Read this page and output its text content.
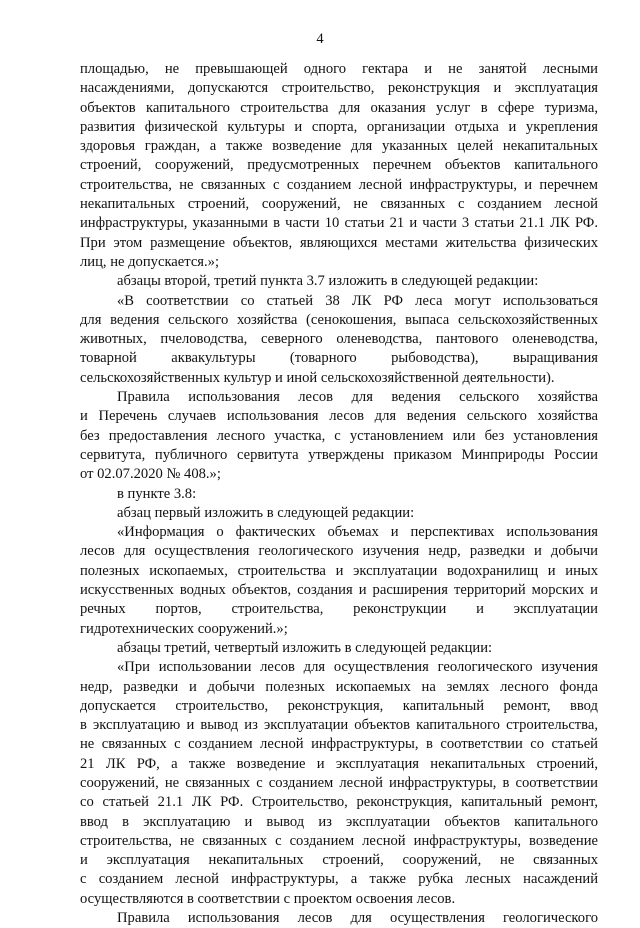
4
площадью, не превышающей одного гектара и не занятой лесными
насаждениями, допускаются строительство, реконструкция и эксплуатация
объектов капитального строительства для оказания услуг в сфере туризма,
развития физической культуры и спорта, организации отдыха и укрепления
здоровья граждан, а также возведение для указанных целей некапитальных
строений, сооружений, предусмотренных перечнем объектов капитального
строительства, не связанных с созданием лесной инфраструктуры, и перечнем
некапитальных строений, сооружений, не связанных с созданием лесной
инфраструктуры, указанными в части 10 статьи 21 и части 3 статьи 21.1 ЛК РФ.
При этом размещение объектов, являющихся местами жительства физических
лиц, не допускается.»;
абзацы второй, третий пункта 3.7 изложить в следующей редакции:
«В соответствии со статьей 38 ЛК РФ леса могут использоваться
для ведения сельского хозяйства (сенокошения, выпаса сельскохозяйственных
животных, пчеловодства, северного оленеводства, пантового оленеводства,
товарной аквакультуры (товарного рыбоводства), выращивания
сельскохозяйственных культур и иной сельскохозяйственной деятельности).
Правила использования лесов для ведения сельского хозяйства
и Перечень случаев использования лесов для ведения сельского хозяйства
без предоставления лесного участка, с установлением или без установления
сервитута, публичного сервитута утверждены приказом Минприроды России
от 02.07.2020 № 408.»;
в пункте 3.8:
абзац первый изложить в следующей редакции:
«Информация о фактических объемах и перспективах использования
лесов для осуществления геологического изучения недр, разведки и добычи
полезных ископаемых, строительства и эксплуатации водохранилищ и иных
искусственных водных объектов, создания и расширения территорий морских и
речных портов, строительства, реконструкции и эксплуатации
гидротехнических сооружений.»;
абзацы третий, четвертый изложить в следующей редакции:
«При использовании лесов для осуществления геологического изучения
недр, разведки и добычи полезных ископаемых на землях лесного фонда
допускается строительство, реконструкция, капитальный ремонт, ввод
в эксплуатацию и вывод из эксплуатации объектов капитального строительства,
не связанных с созданием лесной инфраструктуры, в соответствии со статьей
21 ЛК РФ, а также возведение и эксплуатация некапитальных строений,
сооружений, не связанных с созданием лесной инфраструктуры, в соответствии
со статьей 21.1 ЛК РФ. Строительство, реконструкция, капитальный ремонт,
ввод в эксплуатацию и вывод из эксплуатации объектов капитального
строительства, не связанных с созданием лесной инфраструктуры, возведение
и эксплуатация некапитальных строений, сооружений, не связанных
с созданием лесной инфраструктуры, а также рубка лесных насаждений
осуществляются в соответствии с проектом освоения лесов.
Правила использования лесов для осуществления геологического
